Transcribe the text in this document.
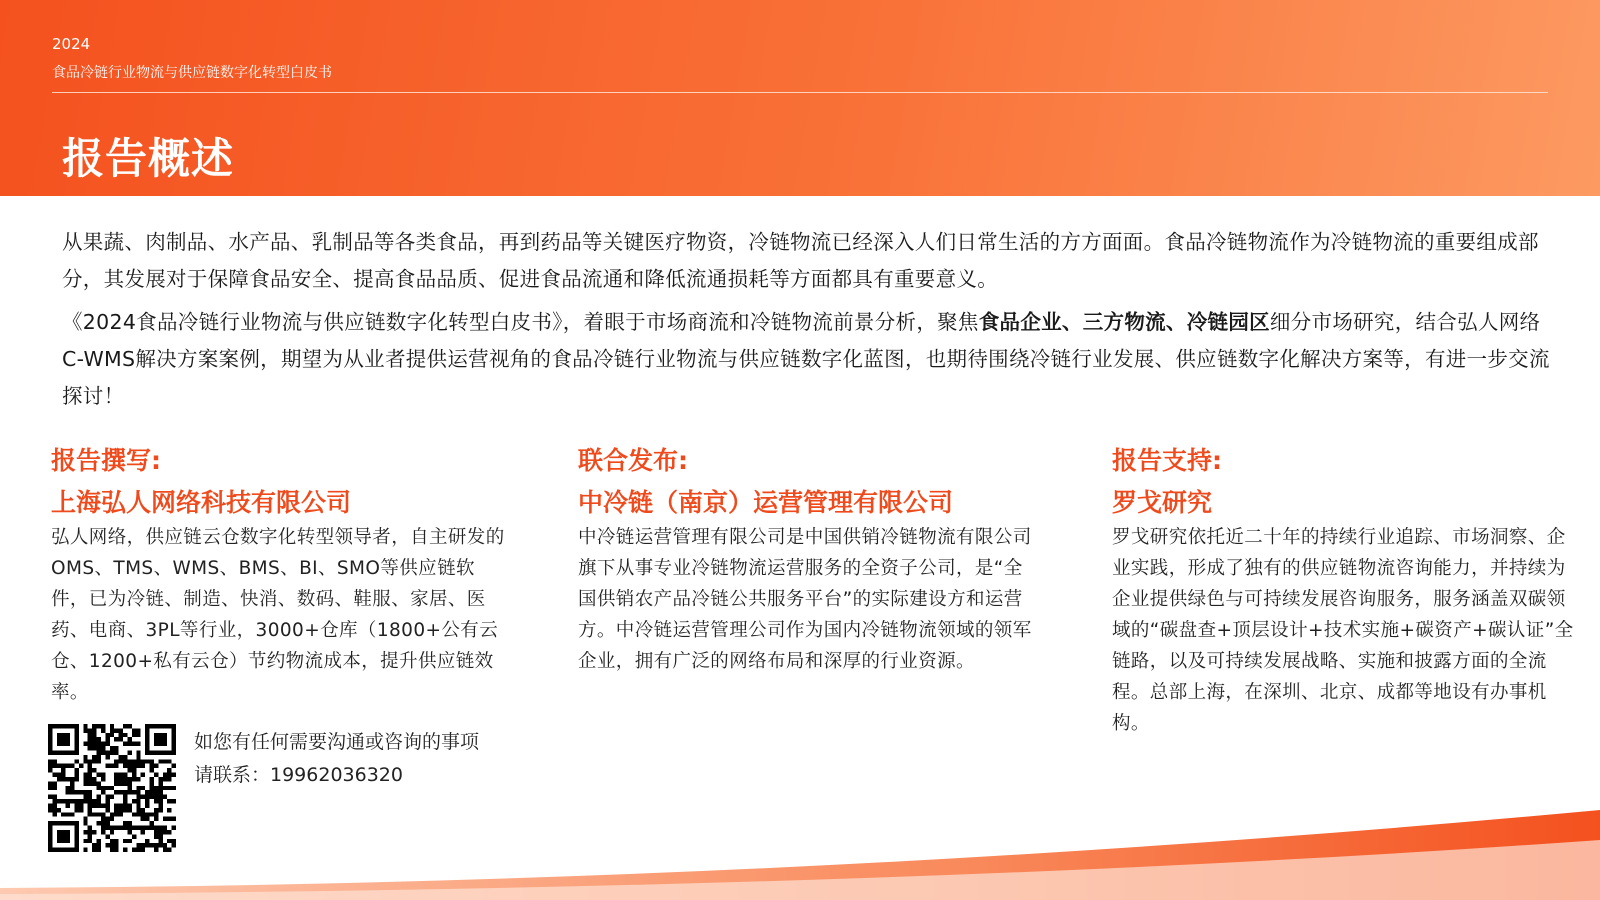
2024
食品冷链行业物流与供应链数字化转型白皮书
报告概述

从果蔬、肉制品、水产品、乳制品等各类食品，再到药品等关键医疗物资，冷链物流已经深入人们日常生活的方方面面。食品冷链物流作为冷链物流的重要组成部分，其发展对于保障食品安全、提高食品品质、促进食品流通和降低流通损耗等方面都具有重要意义。

《2024食品冷链行业物流与供应链数字化转型白皮书》，着眼于市场商流和冷链物流前景分析，聚焦食品企业、三方物流、冷链园区细分市场研究，结合弘人网络C-WMS解决方案案例，期望为从业者提供运营视角的食品冷链行业物流与供应链数字化蓝图，也期待围绕冷链行业发展、供应链数字化解决方案等，有进一步交流探讨！

报告撰写:
上海弘人网络科技有限公司
弘人网络，供应链云仓数字化转型领导者，自主研发的OMS、TMS、WMS、BMS、BI、SMO等供应链软件，已为冷链、制造、快消、数码、鞋服、家居、医药、电商、3PL等行业，3000+仓库（1800+公有云仓、1200+私有云仓）节约物流成本，提升供应链效率。
联合发布:
中冷链（南京）运营管理有限公司
中冷链运营管理有限公司是中国供销冷链物流有限公司旗下从事专业冷链物流运营服务的全资子公司，是“全国供销农产品冷链公共服务平台”的实际建设方和运营方。中冷链运营管理公司作为国内冷链物流领域的领军企业，拥有广泛的网络布局和深厚的行业资源。
报告支持:
罗戈研究
罗戈研究依托近二十年的持续行业追踪、市场洞察、企业实践，形成了独有的供应链物流咨询能力，并持续为企业提供绿色与可持续发展咨询服务，服务涵盖双碳领域的“碳盘查+顶层设计+技术实施+碳资产+碳认证”全链路，以及可持续发展战略、实施和披露方面的全流程。总部上海，在深圳、北京、成都等地设有办事机构。
如您有任何需要沟通或咨询的事项
请联系：19962036320
